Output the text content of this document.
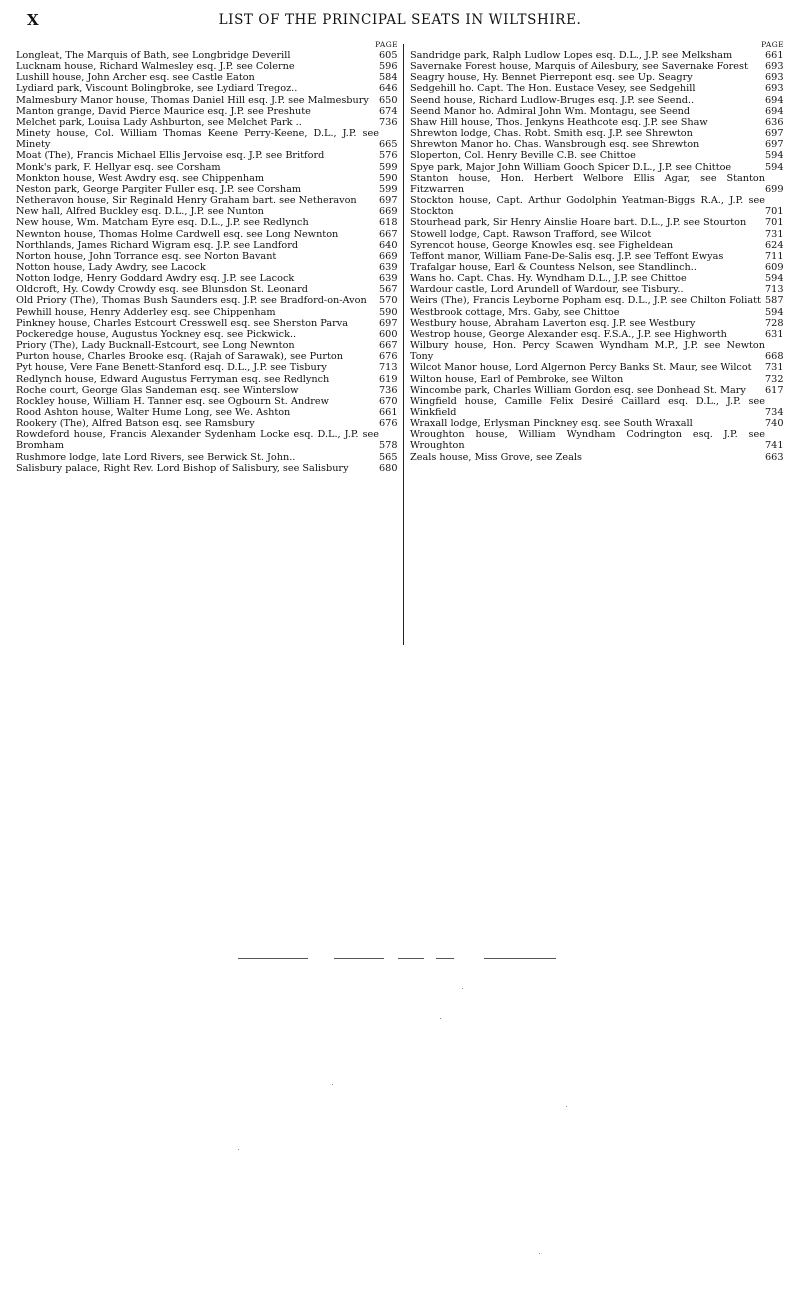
X	LIST OF THE PRINCIPAL SEATS IN WILTSHIRE.
PAGE
Longleat, The Marquis of Bath, see Longbridge Deverill	605
Lucknam house, Richard Walmesley esq. J.P. see Colerne	596
Lushill house, John Archer esq. see Castle Eaton	584
Lydiard park, Viscount Bolingbroke, see Lydiard Tregoz..	646
Malmesbury Manor house, Thomas Daniel Hill esq. J.P. see Malmesbury	650
Manton grange, David Pierce Maurice esq. J.P. see Preshute	674
Melchet park, Louisa Lady Ashburton, see Melchet Park ..	736
Minety house, Col. William Thomas Keene Perry-Keene, D.L., J.P. see Minety	665
Moat (The), Francis Michael Ellis Jervoise esq. J.P. see Britford	576
Monk's park, F. Hellyar esq. see Corsham	599
Monkton house, West Awdry esq. see Chippenham	590
Neston park, George Pargiter Fuller esq. J.P. see Corsham	599
Netheravon house, Sir Reginald Henry Graham bart. see Netheravon	697
New hall, Alfred Buckley esq. D.L., J.P. see Nunton	669
New house, Wm. Matcham Eyre esq. D.L., J.P. see Redlynch	618
Newnton house, Thomas Holme Cardwell esq. see Long Newnton	667
Northlands, James Richard Wigram esq. J.P. see Landford	640
Norton house, John Torrance esq. see Norton Bavant	669
Notton house, Lady Awdry, see Lacock	639
Notton lodge, Henry Goddard Awdry esq. J.P. see Lacock	639
Oldcroft, Hy. Cowdy Crowdy esq. see Blunsdon St. Leonard	567
Old Priory (The), Thomas Bush Saunders esq. J.P. see Bradford-on-Avon	570
Pewhill house, Henry Adderley esq. see Chippenham	590
Pinkney house, Charles Estcourt Cresswell esq. see Sherston Parva	697
Pockeredge house, Augustus Yockney esq. see Pickwick..	600
Priory (The), Lady Bucknall-Estcourt, see Long Newnton	667
Purton house, Charles Brooke esq. (Rajah of Sarawak), see Purton	676
Pyt house, Vere Fane Benett-Stanford esq. D.L., J.P. see Tisbury	713
Redlynch house, Edward Augustus Ferryman esq. see Redlynch	619
Roche court, George Glas Sandeman esq. see Winterslow	736
Rockley house, William H. Tanner esq. see Ogbourn St. Andrew	670
Rood Ashton house, Walter Hume Long, see We. Ashton	661
Rookery (The), Alfred Batson esq. see Ramsbury	676
Rowdeford house, Francis Alexander Sydenham Locke esq. D.L., J.P. see Bromham	578
Rushmore lodge, late Lord Rivers, see Berwick St. John..	565
Salisbury palace, Right Rev. Lord Bishop of Salisbury, see Salisbury	680
PAGE
Sandridge park, Ralph Ludlow Lopes esq. D.L., J.P. see Melksham	661
Savernake Forest house, Marquis of Ailesbury, see Savernake Forest	693
Seagry house, Hy. Bennet Pierrepont esq. see Up. Seagry	693
Sedgehill ho. Capt. The Hon. Eustace Vesey, see Sedgehill	693
Seend house, Richard Ludlow-Bruges esq. J.P. see Seend..	694
Seend Manor ho. Admiral John Wm. Montagu, see Seend	694
Shaw Hill house, Thos. Jenkyns Heathcote esq. J.P. see Shaw	636
Shrewton lodge, Chas. Robt. Smith esq. J.P. see Shrewton	697
Shrewton Manor ho. Chas. Wansbrough esq. see Shrewton	697
Sloperton, Col. Henry Beville C.B. see Chittoe	594
Spye park, Major John William Gooch Spicer D.L., J.P. see Chittoe	594
Stanton house, Hon. Herbert Welbore Ellis Agar, see Stanton Fitzwarren	699
Stockton house, Capt. Arthur Godolphin Yeatman-Biggs R.A., J.P. see Stockton	701
Stourhead park, Sir Henry Ainslie Hoare bart. D.L., J.P. see Stourton	701
Stowell lodge, Capt. Rawson Trafford, see Wilcot	731
Syrencot house, George Knowles esq. see Figheldean	624
Teffont manor, William Fane-De-Salis esq. J.P. see Teffont Ewyas	711
Trafalgar house, Earl & Countess Nelson, see Standlinch..	609
Wans ho. Capt. Chas. Hy. Wyndham D.L., J.P. see Chittoe	594
Wardour castle, Lord Arundell of Wardour, see Tisbury..	713
Weirs (The), Francis Leyborne Popham esq. D.L., J.P. see Chilton Foliatt 587
Westbrook cottage, Mrs. Gaby, see Chittoe	594
Westbury house, Abraham Laverton esq. J.P. see Westbury	728
Westrop house, George Alexander esq. F.S.A., J.P. see Highworth	631
Wilbury house, Hon. Percy Scawen Wyndham M.P., J.P. see Newton Tony	668
Wilcot Manor house, Lord Algernon Percy Banks St. Maur, see Wilcot	731
Wilton house, Earl of Pembroke, see Wilton	732
Wincombe park, Charles William Gordon esq. see Donhead St. Mary	617
Wingfield house, Camille Felix Desiré Caillard esq. D.L., J.P. see Winkfield	734
Wraxall lodge, Erlysman Pinckney esq. see South Wraxall	740
Wroughton house, William Wyndham Codrington esq. J.P. see Wroughton	741
Zeals house, Miss Grove, see Zeals	663
